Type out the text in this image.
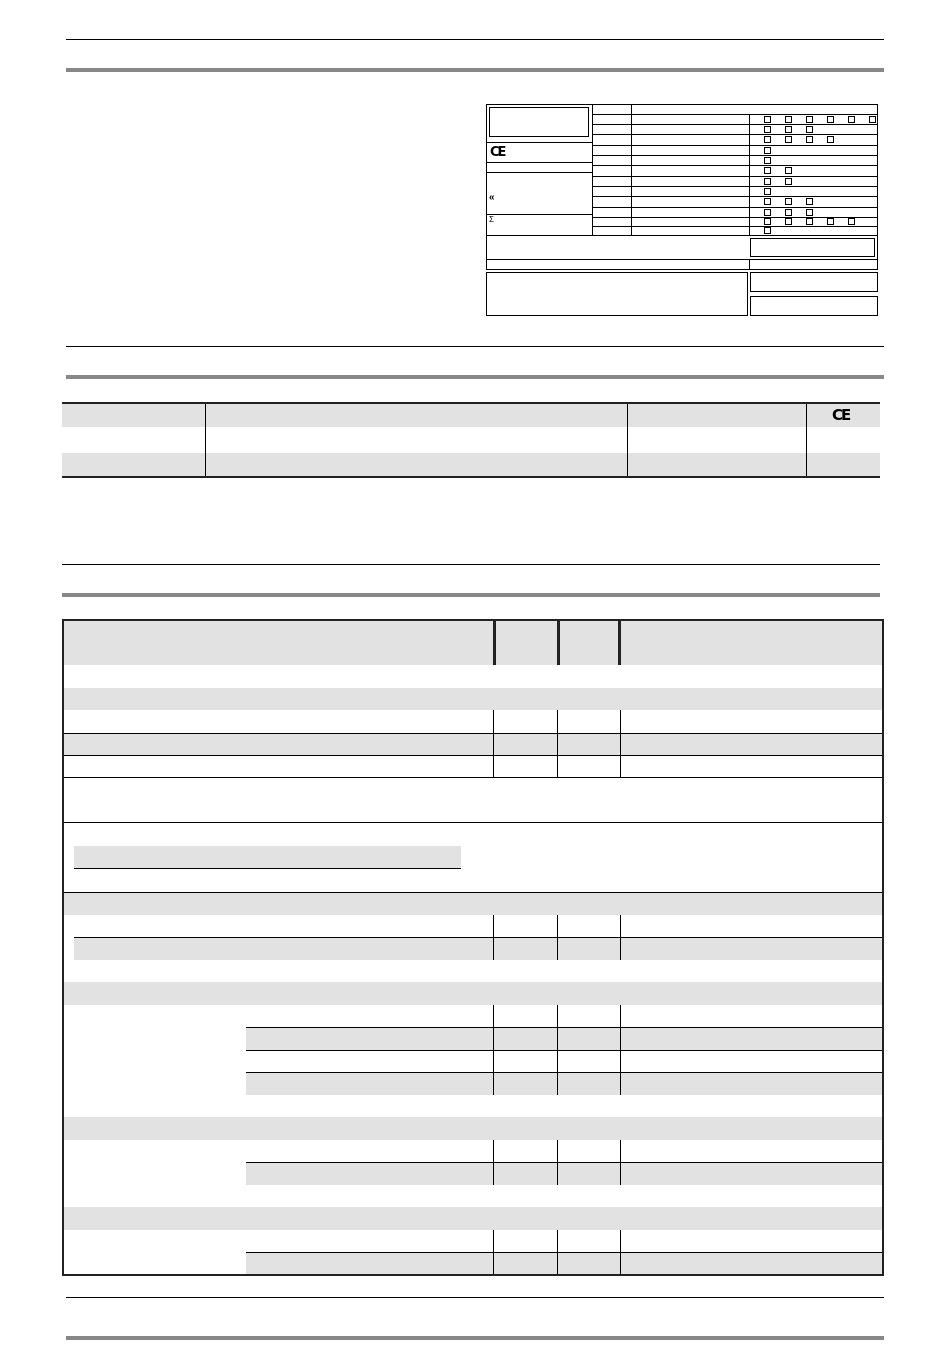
CE
«
Σ
CE
